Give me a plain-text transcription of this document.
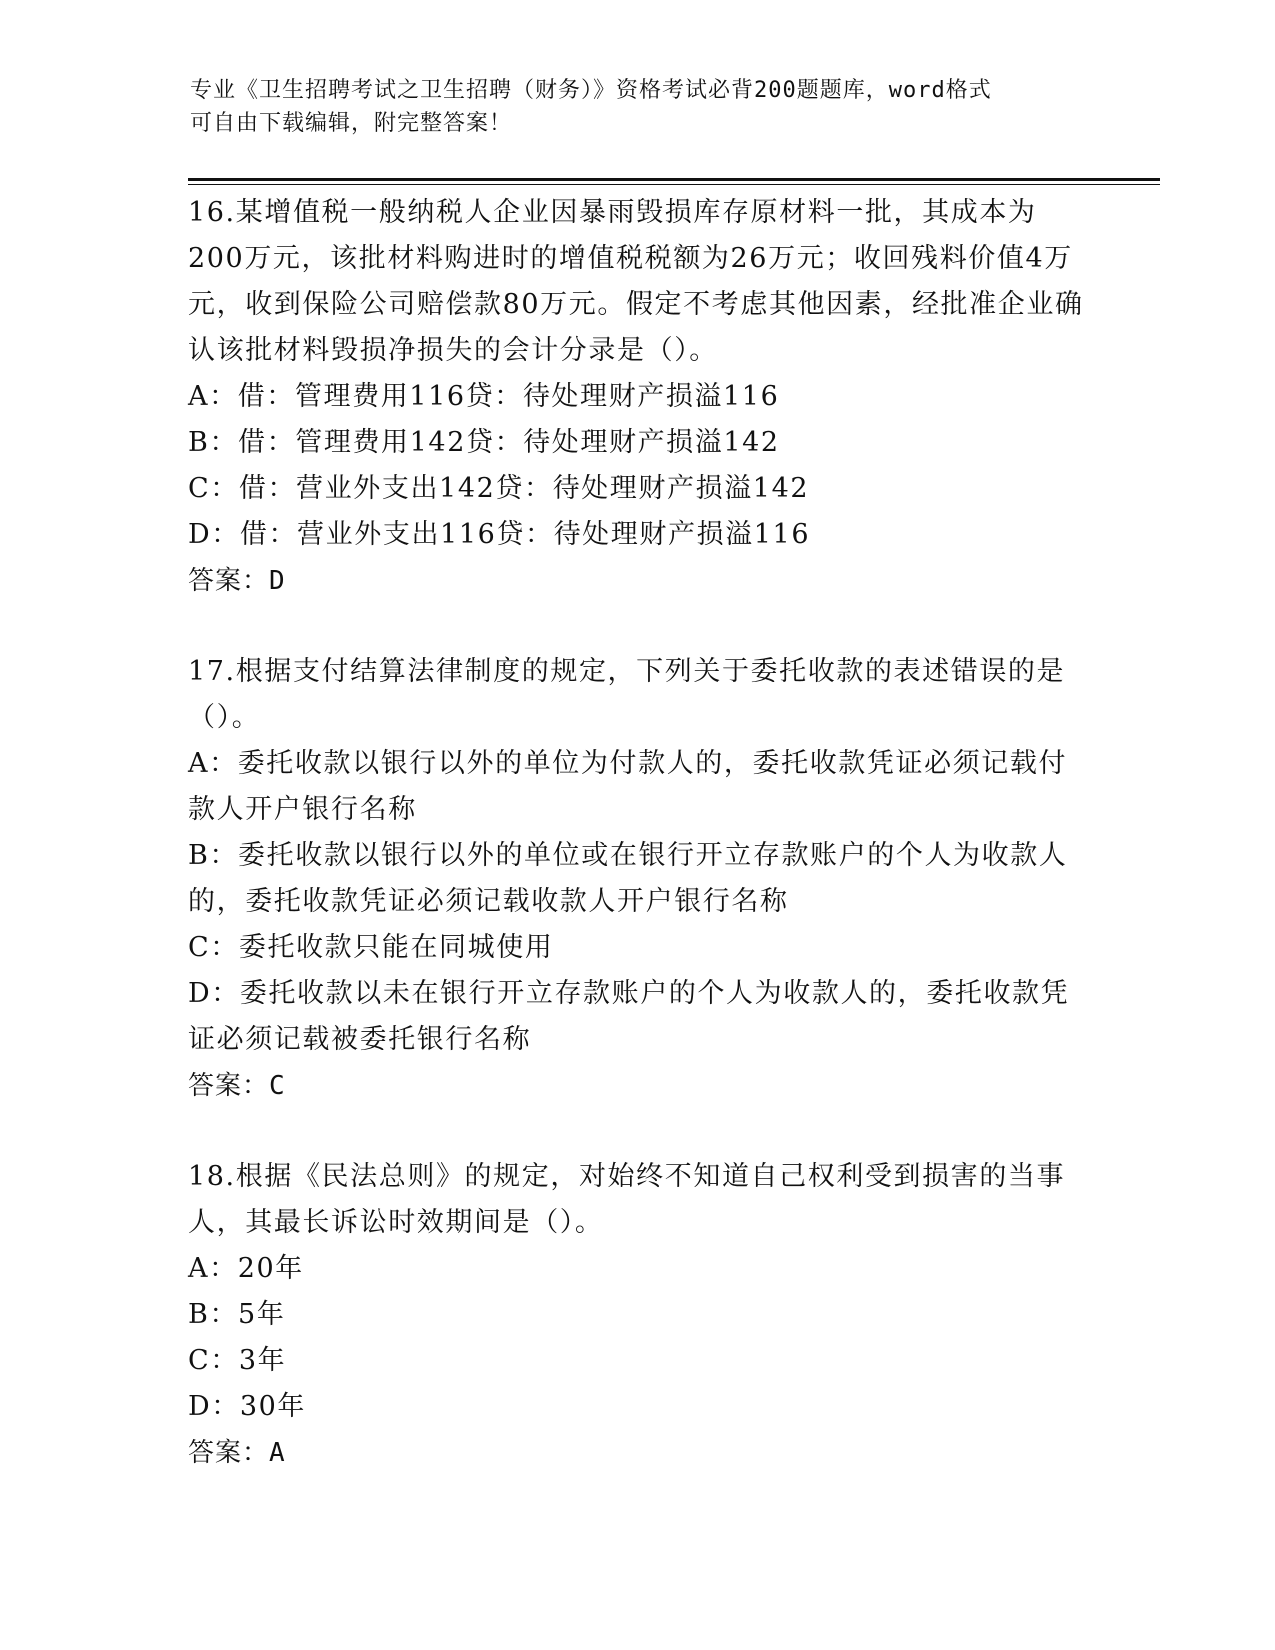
专业《卫生招聘考试之卫生招聘（财务）》资格考试必背200题题库，word格式
可自由下载编辑，附完整答案！

16.某增值税一般纳税人企业因暴雨毁损库存原材料一批，其成本为200万元，该批材料购进时的增值税税额为26万元；收回残料价值4万元，收到保险公司赔偿款80万元。假定不考虑其他因素，经批准企业确认该批材料毁损净损失的会计分录是（）。

A：借：管理费用116贷：待处理财产损溢116

B：借：管理费用142贷：待处理财产损溢142

C：借：营业外支出142贷：待处理财产损溢142

D：借：营业外支出116贷：待处理财产损溢116

答案：D

17.根据支付结算法律制度的规定，下列关于委托收款的表述错误的是（）。

A：委托收款以银行以外的单位为付款人的，委托收款凭证必须记载付款人开户银行名称

B：委托收款以银行以外的单位或在银行开立存款账户的个人为收款人的，委托收款凭证必须记载收款人开户银行名称

C：委托收款只能在同城使用

D：委托收款以未在银行开立存款账户的个人为收款人的，委托收款凭证必须记载被委托银行名称

答案：C

18.根据《民法总则》的规定，对始终不知道自己权利受到损害的当事人，其最长诉讼时效期间是（）。

A：20年

B：5年

C：3年

D：30年

答案：A
